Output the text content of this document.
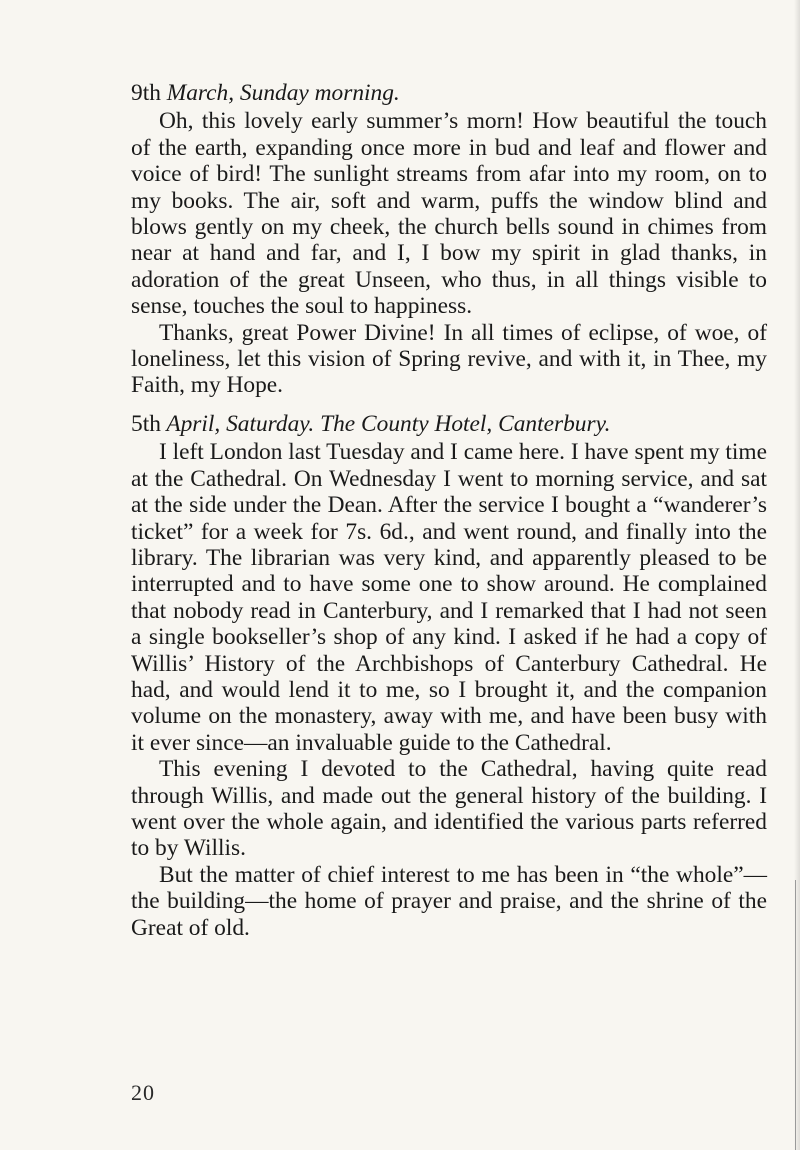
9th March, Sunday morning.

Oh, this lovely early summer’s morn! How beautiful the touch of the earth, expanding once more in bud and leaf and flower and voice of bird! The sunlight streams from afar into my room, on to my books. The air, soft and warm, puffs the window blind and blows gently on my cheek, the church bells sound in chimes from near at hand and far, and I, I bow my spirit in glad thanks, in adoration of the great Unseen, who thus, in all things visible to sense, touches the soul to happiness.

Thanks, great Power Divine! In all times of eclipse, of woe, of loneliness, let this vision of Spring revive, and with it, in Thee, my Faith, my Hope.

5th April, Saturday. The County Hotel, Canterbury.

I left London last Tuesday and I came here. I have spent my time at the Cathedral. On Wednesday I went to morning service, and sat at the side under the Dean. After the service I bought a “wanderer’s ticket” for a week for 7s. 6d., and went round, and finally into the library. The librarian was very kind, and apparently pleased to be interrupted and to have some one to show around. He complained that nobody read in Canterbury, and I remarked that I had not seen a single bookseller’s shop of any kind. I asked if he had a copy of Willis’ History of the Archbishops of Canterbury Cathedral. He had, and would lend it to me, so I brought it, and the companion volume on the monastery, away with me, and have been busy with it ever since—an invaluable guide to the Cathedral.

This evening I devoted to the Cathedral, having quite read through Willis, and made out the general history of the building. I went over the whole again, and identified the various parts referred to by Willis.

But the matter of chief interest to me has been in “the whole”—the building—the home of prayer and praise, and the shrine of the Great of old.

20
